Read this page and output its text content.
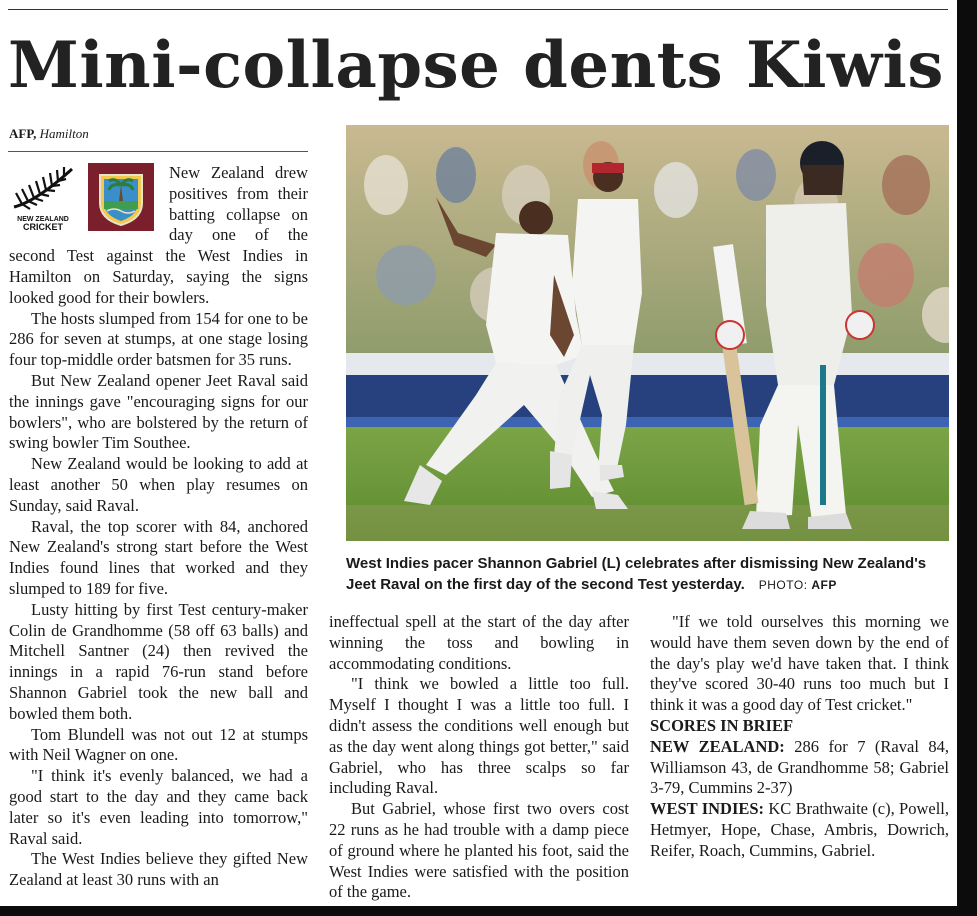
Mini-collapse dents Kiwis
AFP, Hamilton
NEW ZEALAND
CRICKET

New Zealand drew positives from their batting collapse on day one of the second Test against the West Indies in Hamilton on Saturday, saying the signs looked good for their bowlers.

The hosts slumped from 154 for one to be 286 for seven at stumps, at one stage losing four top-middle order batsmen for 35 runs.

But New Zealand opener Jeet Raval said the innings gave "encouraging signs for our bowlers", who are bolstered by the return of swing bowler Tim Southee.

New Zealand would be looking to add at least another 50 when play resumes on Sunday, said Raval.

Raval, the top scorer with 84, anchored New Zealand's strong start before the West Indies found lines that worked and they slumped to 189 for five.

Lusty hitting by first Test century-maker Colin de Grandhomme (58 off 63 balls) and Mitchell Santner (24) then revived the innings in a rapid 76-run stand before Shannon Gabriel took the new ball and bowled them both.

Tom Blundell was not out 12 at stumps with Neil Wagner on one.

"I think it's evenly balanced, we had a good start to the day and they came back later so it's even leading into tomorrow," Raval said.

The West Indies believe they gifted New Zealand at least 30 runs with an

West Indies pacer Shannon Gabriel (L) celebrates after dismissing New Zealand's Jeet Raval on the first day of the second Test yesterday. PHOTO: AFP

ineffectual spell at the start of the day after winning the toss and bowling in accommodating conditions.

"I think we bowled a little too full. Myself I thought I was a little too full. I didn't assess the conditions well enough but as the day went along things got better," said Gabriel, who has three scalps so far including Raval.

But Gabriel, whose first two overs cost 22 runs as he had trouble with a damp piece of ground where he planted his foot, said the West Indies were satisfied with the position of the game.

"If we told ourselves this morning we would have them seven down by the end of the day's play we'd have taken that. I think they've scored 30-40 runs too much but I think it was a good day of Test cricket."

SCORES IN BRIEF

NEW ZEALAND: 286 for 7 (Raval 84, Williamson 43, de Grandhomme 58; Gabriel 3-79, Cummins 2-37)

WEST INDIES: KC Brathwaite (c), Powell, Hetmyer, Hope, Chase, Ambris, Dowrich, Reifer, Roach, Cummins, Gabriel.
